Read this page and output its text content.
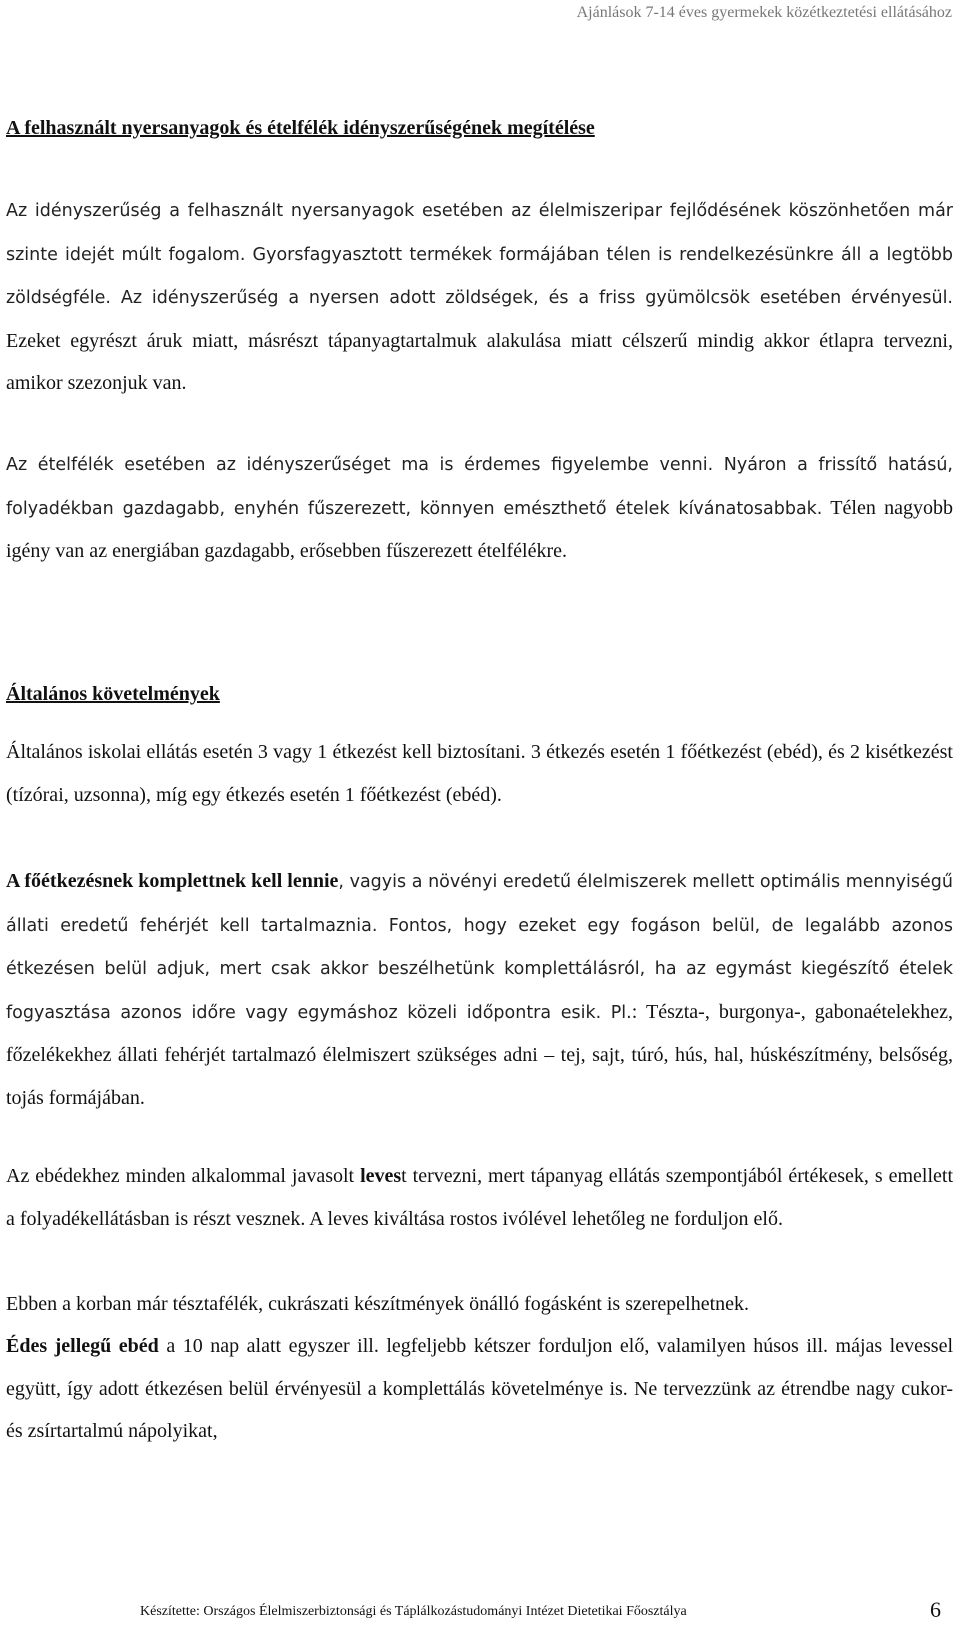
Ajánlások 7-14 éves gyermekek közétkeztetési ellátásához
A felhasznált nyersanyagok és ételfélék idényszerűségének megítélése

Az idényszerűség a felhasznált nyersanyagok esetében az élelmiszeripar fejlődésének köszönhetően már szinte idejét múlt fogalom. Gyorsfagyasztott termékek formájában télen is rendelkezésünkre áll a legtöbb zöldségféle. Az idényszerűség a nyersen adott zöldségek, és a friss gyümölcsök esetében érvényesül. Ezeket egyrészt áruk miatt, másrészt tápanyagtartalmuk alakulása miatt célszerű mindig akkor étlapra tervezni, amikor szezonjuk van.

Az ételfélék esetében az idényszerűséget ma is érdemes figyelembe venni. Nyáron a frissítő hatású, folyadékban gazdagabb, enyhén fűszerezett, könnyen emészthető ételek kívánatosabbak. Télen nagyobb igény van az energiában gazdagabb, erősebben fűszerezett ételfélékre.

Általános követelmények

Általános iskolai ellátás esetén 3 vagy 1 étkezést kell biztosítani. 3 étkezés esetén 1 főétkezést (ebéd), és 2 kisétkezést (tízórai, uzsonna), míg egy étkezés esetén 1 főétkezést (ebéd).

A főétkezésnek komplettnek kell lennie, vagyis a növényi eredetű élelmiszerek mellett optimális mennyiségű állati eredetű fehérjét kell tartalmaznia. Fontos, hogy ezeket egy fogáson belül, de legalább azonos étkezésen belül adjuk, mert csak akkor beszélhetünk komplettálásról, ha az egymást kiegészítő ételek fogyasztása azonos időre vagy egymáshoz közeli időpontra esik. Pl.: Tészta-, burgonya-, gabonaételekhez, főzelékekhez állati fehérjét tartalmazó élelmiszert szükséges adni – tej, sajt, túró, hús, hal, húskészítmény, belsőség, tojás formájában.

Az ebédekhez minden alkalommal javasolt levest tervezni, mert tápanyag ellátás szempontjából értékesek, s emellett a folyadékellátásban is részt vesznek. A leves kiváltása rostos ivólével lehetőleg ne forduljon elő.

Ebben a korban már tésztafélék, cukrászati készítmények önálló fogásként is szerepelhetnek.

Édes jellegű ebéd a 10 nap alatt egyszer ill. legfeljebb kétszer forduljon elő, valamilyen húsos ill. májas levessel együtt, így adott étkezésen belül érvényesül a komplettálás követelménye is. Ne tervezzünk az étrendbe nagy cukor- és zsírtartalmú nápolyikat,

Készítette: Országos Élelmiszerbiztonsági és Táplálkozástudományi Intézet Dietetikai Főosztálya	6
